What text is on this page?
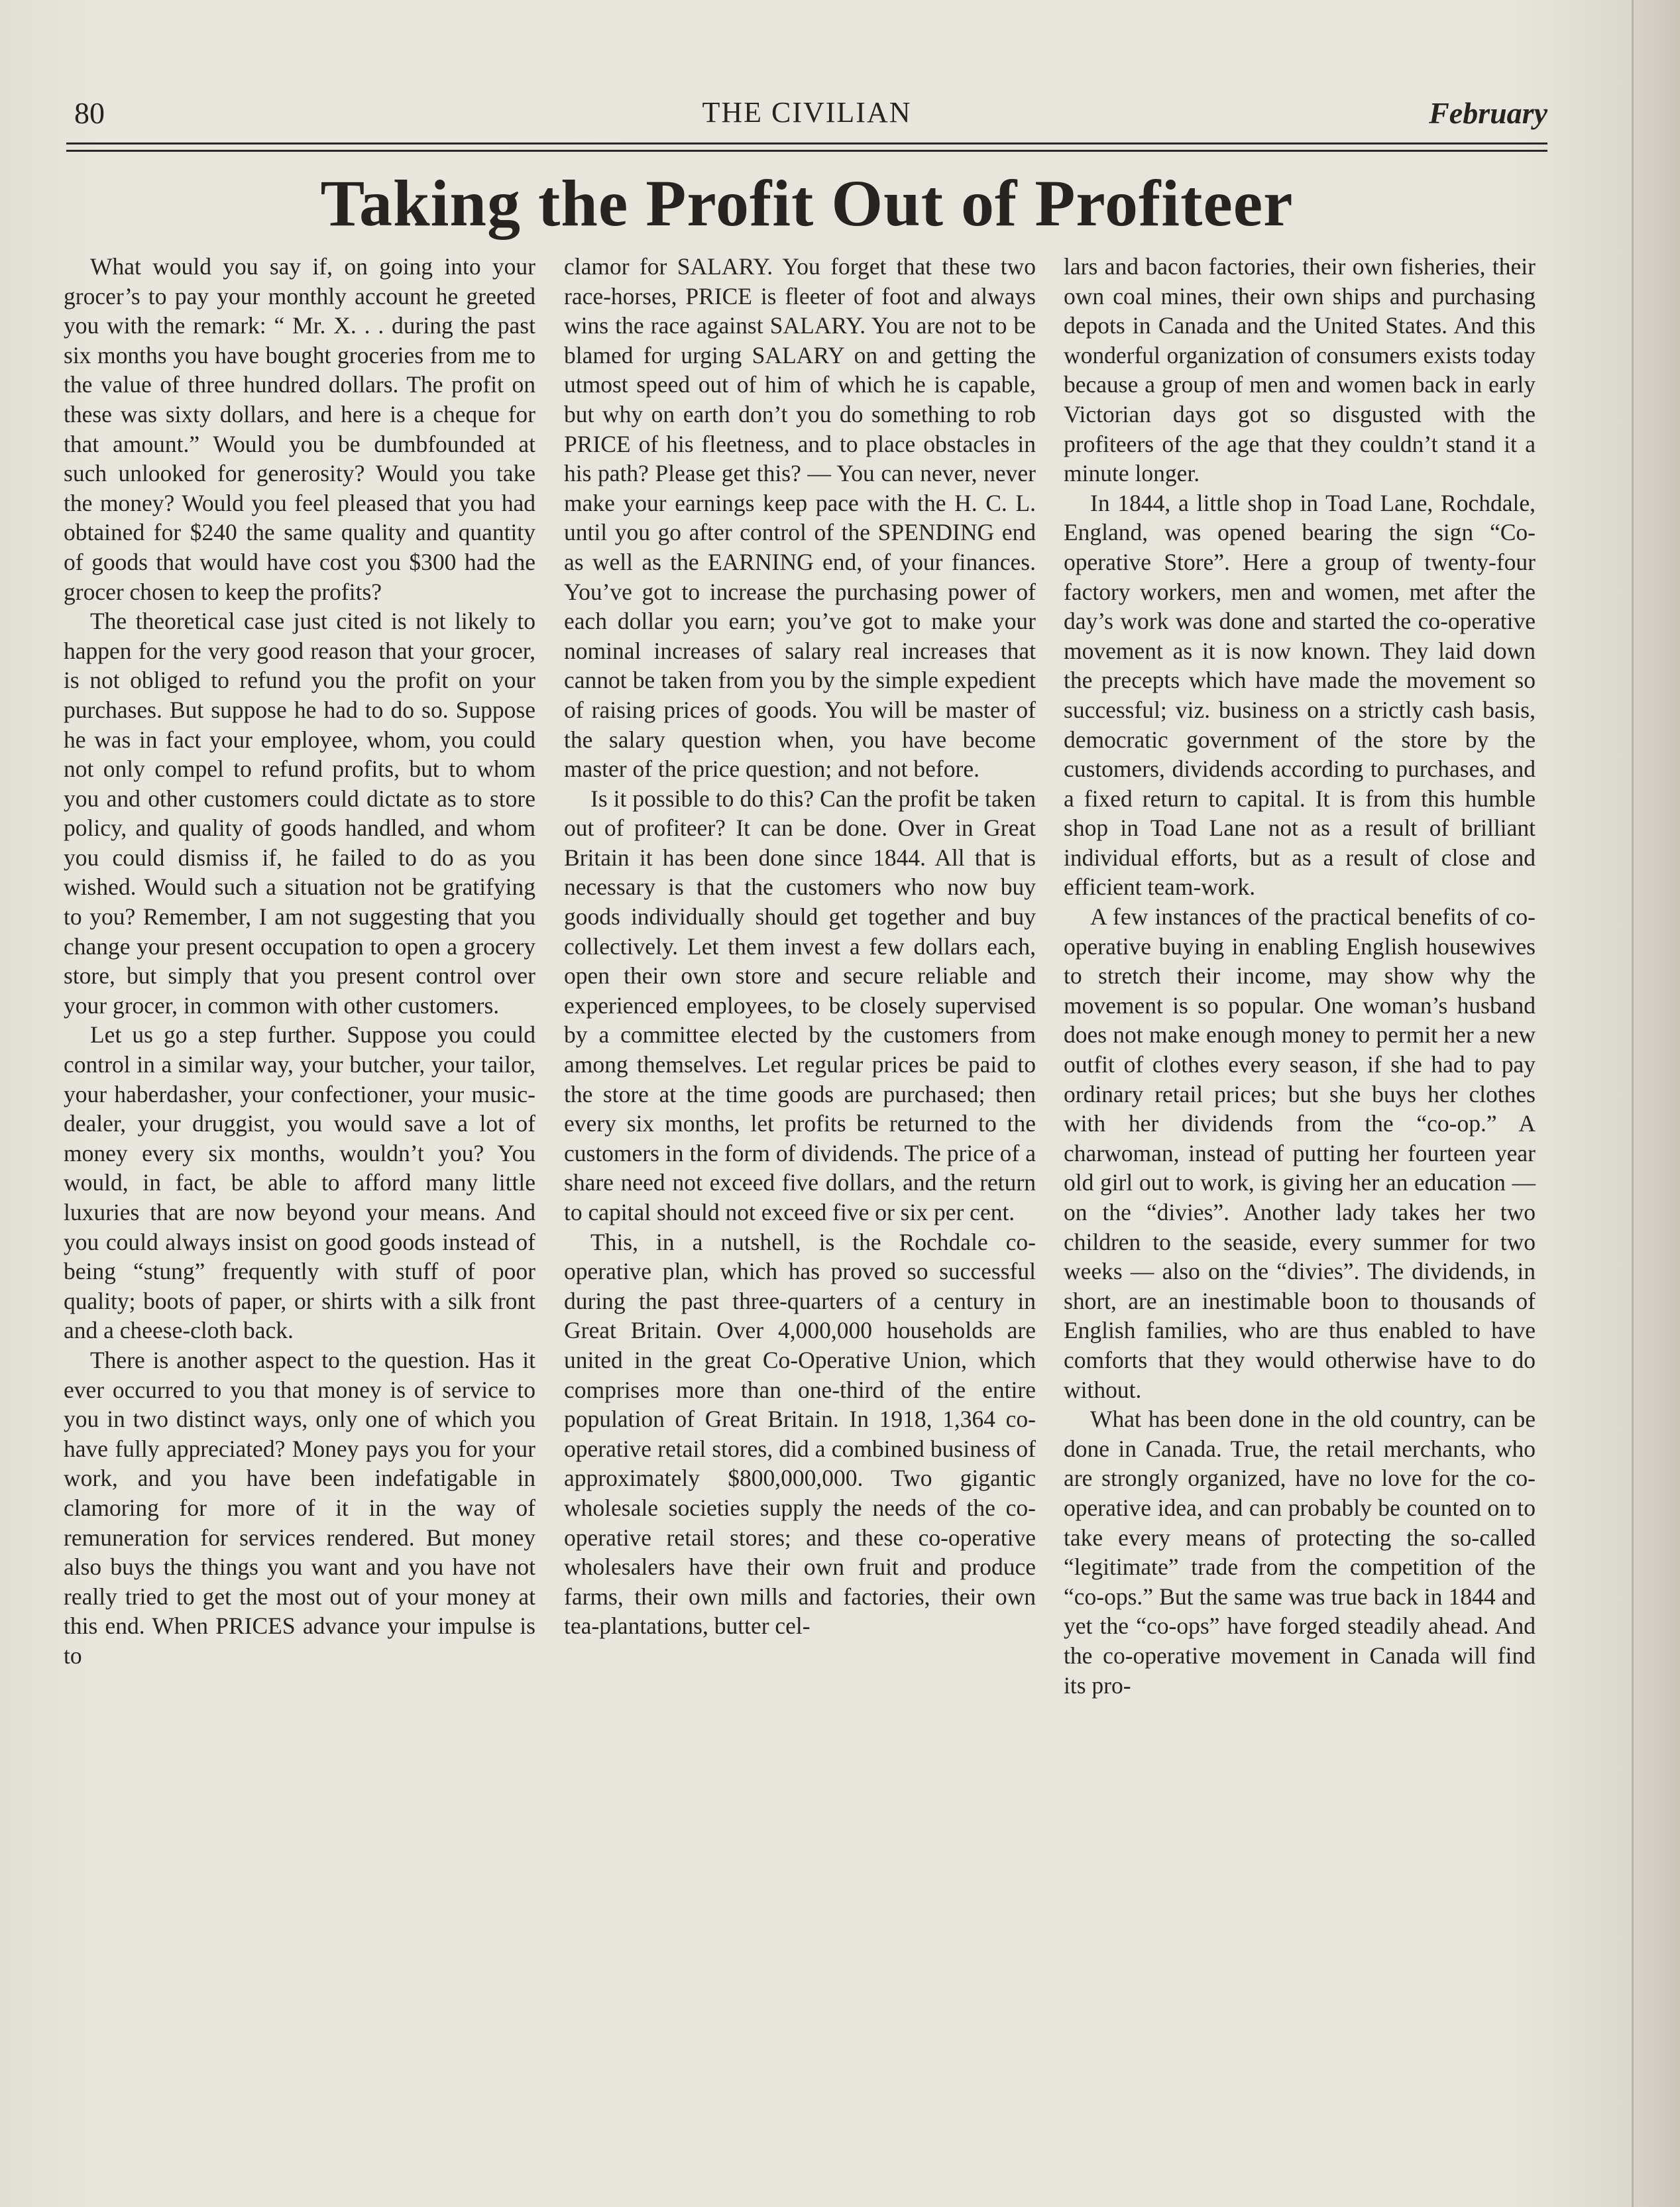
80	THE CIVILIAN	February
Taking the Profit Out of Profiteer

What would you say if, on going into your grocer’s to pay your monthly account he greeted you with the remark: “ Mr. X. . . during the past six months you have bought groceries from me to the value of three hundred dollars. The profit on these was sixty dollars, and here is a cheque for that amount.” Would you be dumbfounded at such unlooked for generosity? Would you take the money? Would you feel pleased that you had obtained for $240 the same quality and quantity of goods that would have cost you $300 had the grocer chosen to keep the profits?

The theoretical case just cited is not likely to happen for the very good reason that your grocer, is not obliged to refund you the profit on your purchases. But suppose he had to do so. Suppose he was in fact your employee, whom, you could not only compel to refund profits, but to whom you and other customers could dictate as to store policy, and quality of goods handled, and whom you could dismiss if, he failed to do as you wished. Would such a situation not be gratifying to you? Remember, I am not suggesting that you change your present occupation to open a grocery store, but simply that you present control over your grocer, in common with other customers.

Let us go a step further. Suppose you could control in a similar way, your butcher, your tailor, your haberdasher, your confectioner, your music-dealer, your druggist, you would save a lot of money every six months, wouldn’t you? You would, in fact, be able to afford many little luxuries that are now beyond your means. And you could always insist on good goods instead of being “stung” frequently with stuff of poor quality; boots of paper, or shirts with a silk front and a cheese-cloth back.

There is another aspect to the question. Has it ever occurred to you that money is of service to you in two distinct ways, only one of which you have fully appreciated? Money pays you for your work, and you have been indefatigable in clamoring for more of it in the way of remuneration for services rendered. But money also buys the things you want and you have not really tried to get the most out of your money at this end. When PRICES advance your impulse is to

clamor for SALARY. You forget that these two race-horses, PRICE is fleeter of foot and always wins the race against SALARY. You are not to be blamed for urging SALARY on and getting the utmost speed out of him of which he is capable, but why on earth don’t you do something to rob PRICE of his fleetness, and to place obstacles in his path? Please get this? — You can never, never make your earnings keep pace with the H. C. L. until you go after control of the SPENDING end as well as the EARNING end, of your finances. You’ve got to increase the purchasing power of each dollar you earn; you’ve got to make your nominal increases of salary real increases that cannot be taken from you by the simple expedient of raising prices of goods. You will be master of the salary question when, you have become master of the price question; and not before.

Is it possible to do this? Can the profit be taken out of profiteer? It can be done. Over in Great Britain it has been done since 1844. All that is necessary is that the customers who now buy goods individually should get together and buy collectively. Let them invest a few dollars each, open their own store and secure reliable and experienced employees, to be closely supervised by a committee elected by the customers from among themselves. Let regular prices be paid to the store at the time goods are purchased; then every six months, let profits be returned to the customers in the form of dividends. The price of a share need not exceed five dollars, and the return to capital should not exceed five or six per cent.

This, in a nutshell, is the Rochdale co-operative plan, which has proved so successful during the past three-quarters of a century in Great Britain. Over 4,000,000 households are united in the great Co-Operative Union, which comprises more than one-third of the entire population of Great Britain. In 1918, 1,364 co-operative retail stores, did a combined business of approximately $800,000,000. Two gigantic wholesale societies supply the needs of the co-operative retail stores; and these co-operative wholesalers have their own fruit and produce farms, their own mills and factories, their own tea-plantations, butter cel-

lars and bacon factories, their own fisheries, their own coal mines, their own ships and purchasing depots in Canada and the United States. And this wonderful organization of consumers exists today because a group of men and women back in early Victorian days got so disgusted with the profiteers of the age that they couldn’t stand it a minute longer.

In 1844, a little shop in Toad Lane, Rochdale, England, was opened bearing the sign “Co-operative Store”. Here a group of twenty-four factory workers, men and women, met after the day’s work was done and started the co-operative movement as it is now known. They laid down the precepts which have made the movement so successful; viz. business on a strictly cash basis, democratic government of the store by the customers, dividends according to purchases, and a fixed return to capital. It is from this humble shop in Toad Lane not as a result of brilliant individual efforts, but as a result of close and efficient team-work.

A few instances of the practical benefits of co-operative buying in enabling English housewives to stretch their income, may show why the movement is so popular. One woman’s husband does not make enough money to permit her a new outfit of clothes every season, if she had to pay ordinary retail prices; but she buys her clothes with her dividends from the “co-op.” A charwoman, instead of putting her fourteen year old girl out to work, is giving her an education — on the “divies”. Another lady takes her two children to the seaside, every summer for two weeks — also on the “divies”. The dividends, in short, are an inestimable boon to thousands of English families, who are thus enabled to have comforts that they would otherwise have to do without.

What has been done in the old country, can be done in Canada. True, the retail merchants, who are strongly organized, have no love for the co-operative idea, and can probably be counted on to take every means of protecting the so-called “legitimate” trade from the competition of the “co-ops.” But the same was true back in 1844 and yet the “co-ops” have forged steadily ahead. And the co-operative movement in Canada will find its pro-
